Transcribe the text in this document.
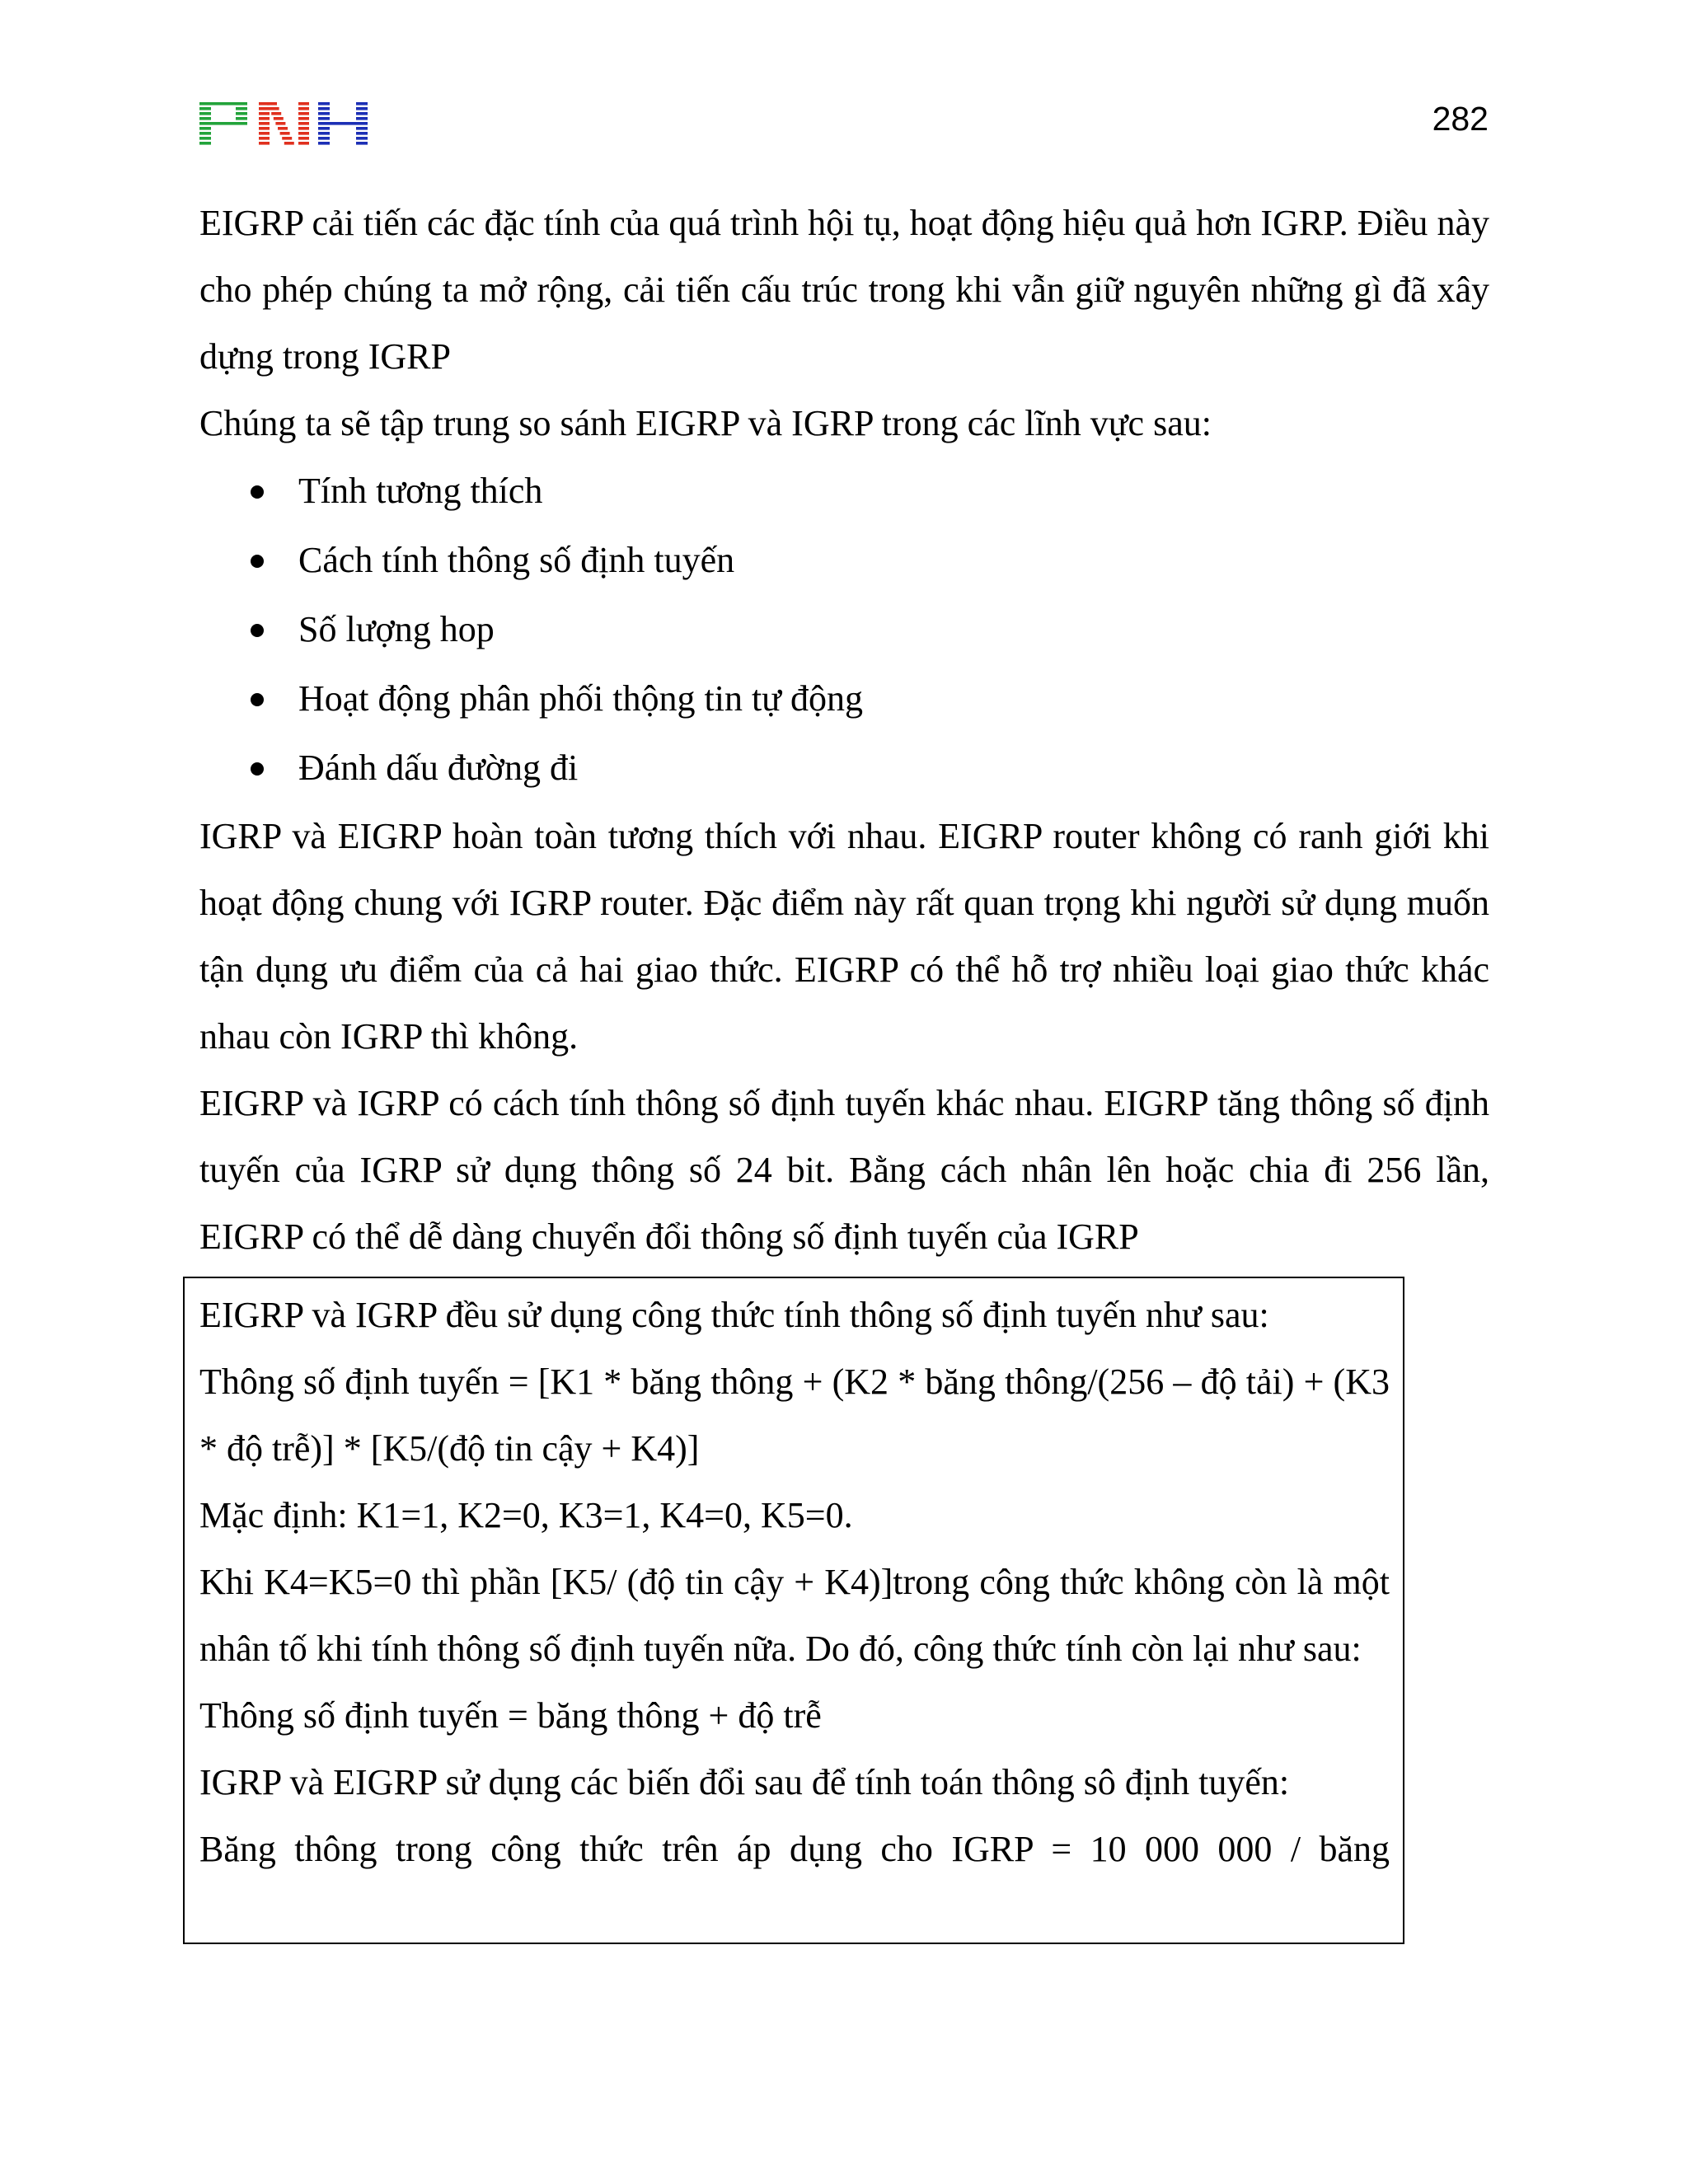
282

EIGRP cải tiến các đặc tính của quá trình hội tụ, hoạt động hiệu quả hơn IGRP. Điều này cho phép chúng ta mở rộng, cải tiến cấu trúc trong khi vẫn giữ nguyên những gì đã xây dựng trong IGRP

Chúng ta sẽ tập trung so sánh EIGRP và IGRP trong các lĩnh vực sau:

Tính tương thích
Cách tính thông số định tuyến
Số lượng hop
Hoạt động phân phối thộng tin tự động
Đánh dấu đường đi

IGRP và EIGRP hoàn toàn tương thích với nhau. EIGRP router không có ranh giới khi hoạt động chung với IGRP router. Đặc điểm này rất quan trọng khi người sử dụng muốn tận dụng ưu điểm của cả hai giao thức. EIGRP có thể hỗ trợ nhiều loại giao thức khác nhau còn IGRP thì không.

EIGRP và IGRP có cách tính thông số định tuyến khác nhau. EIGRP tăng thông số định tuyến của IGRP sử dụng thông số 24 bit. Bằng cách nhân lên hoặc chia đi 256 lần, EIGRP có thể dễ dàng chuyển đổi thông số định tuyến của IGRP

EIGRP và IGRP đều sử dụng công thức tính thông số định tuyến như sau:

Thông số định tuyến = [K1 * băng thông + (K2 * băng thông/(256 – độ tải) + (K3 * độ trễ)] * [K5/(độ tin cậy + K4)]

Mặc định: K1=1, K2=0, K3=1, K4=0, K5=0.

Khi K4=K5=0 thì phần [K5/ (độ tin cậy + K4)]trong công thức không còn là một nhân tố khi tính thông số định tuyến nữa. Do đó, công thức tính còn lại như sau:

Thông số định tuyến = băng thông + độ trễ

IGRP và EIGRP sử dụng các biến đổi sau để tính toán thông sô định tuyến:

Băng thông trong công thức trên áp dụng cho IGRP = 10 000 000 / băng
